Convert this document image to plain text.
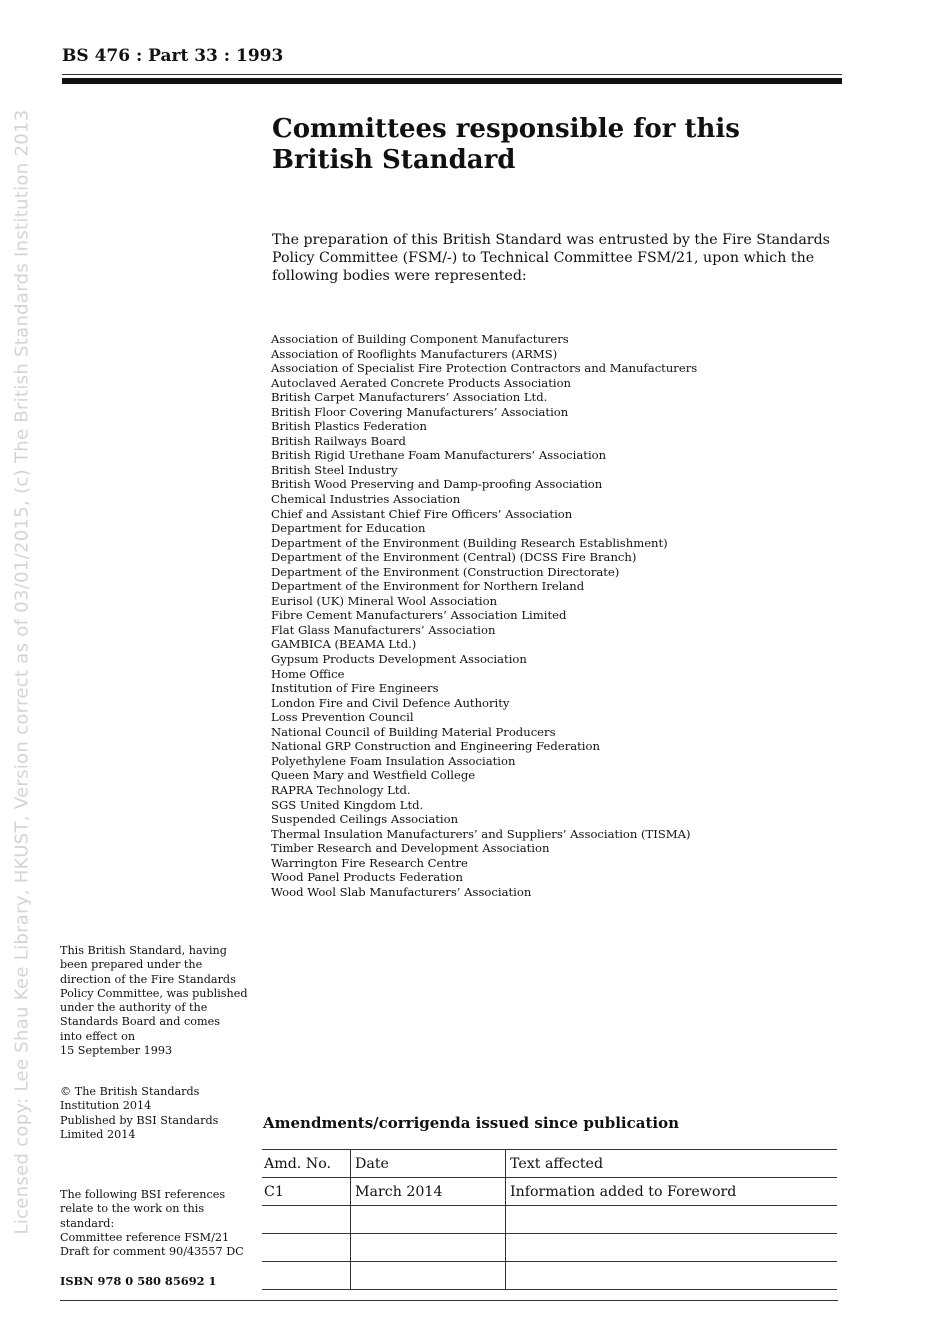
Licensed copy: Lee Shau Kee Library, HKUST, Version correct as of 03/01/2015, (c) The British Standards Institution 2013
BS 476 : Part 33 : 1993
Committees responsible for this
British Standard

The preparation of this British Standard was entrusted by the Fire Standards
Policy Committee (FSM/-) to Technical Committee FSM/21, upon which the
following bodies were represented:

Association of Building Component Manufacturers
Association of Rooflights Manufacturers (ARMS)
Association of Specialist Fire Protection Contractors and Manufacturers
Autoclaved Aerated Concrete Products Association
British Carpet Manufacturers’ Association Ltd.
British Floor Covering Manufacturers’ Association
British Plastics Federation
British Railways Board
British Rigid Urethane Foam Manufacturers’ Association
British Steel Industry
British Wood Preserving and Damp-proofing Association
Chemical Industries Association
Chief and Assistant Chief Fire Officers’ Association
Department for Education
Department of the Environment (Building Research Establishment)
Department of the Environment (Central) (DCSS Fire Branch)
Department of the Environment (Construction Directorate)
Department of the Environment for Northern Ireland
Eurisol (UK) Mineral Wool Association
Fibre Cement Manufacturers’ Association Limited
Flat Glass Manufacturers’ Association
GAMBICA (BEAMA Ltd.)
Gypsum Products Development Association
Home Office
Institution of Fire Engineers
London Fire and Civil Defence Authority
Loss Prevention Council
National Council of Building Material Producers
National GRP Construction and Engineering Federation
Polyethylene Foam Insulation Association
Queen Mary and Westfield College
RAPRA Technology Ltd.
SGS United Kingdom Ltd.
Suspended Ceilings Association
Thermal Insulation Manufacturers’ and Suppliers’ Association (TISMA)
Timber Research and Development Association
Warrington Fire Research Centre
Wood Panel Products Federation
Wood Wool Slab Manufacturers’ Association
This British Standard, having
been prepared under the
direction of the Fire Standards
Policy Committee, was published
under the authority of the
Standards Board and comes
into effect on
15 September 1993
© The British Standards
Institution 2014
Published by BSI Standards
Limited 2014
The following BSI references
relate to the work on this
standard:
Committee reference FSM/21
Draft for comment 90/43557 DC
ISBN 978 0 580 85692 1
Amendments/corrigenda issued since publication
Amd. No.	Date	Text affected
C1	March 2014	Information added to Foreword
